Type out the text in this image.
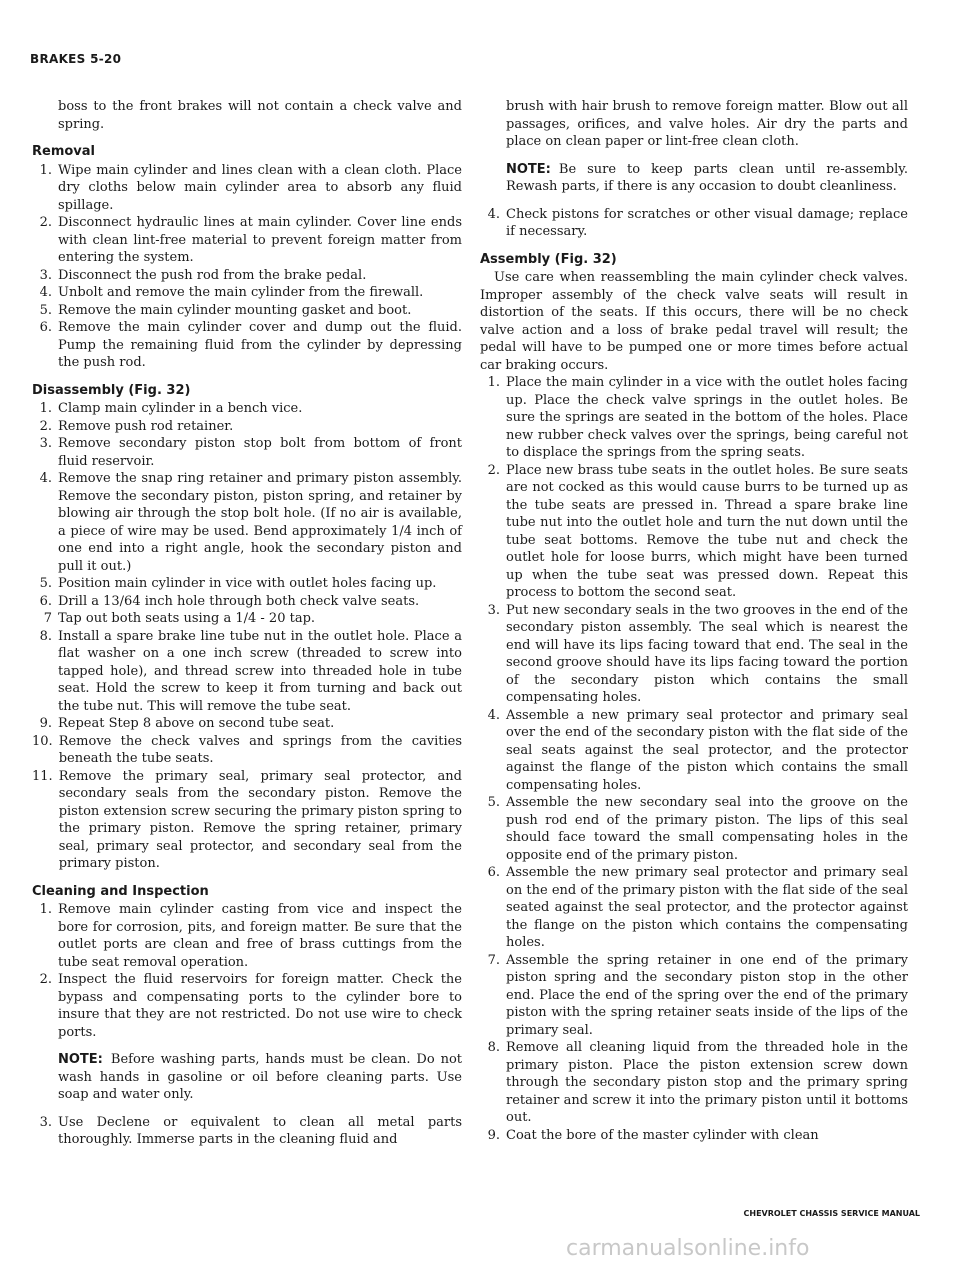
BRAKES 5-20

boss to the front brakes will not contain a check valve and spring.

Removal
1. Wipe main cylinder and lines clean with a clean cloth. Place dry cloths below main cylinder area to absorb any fluid spillage.
2. Disconnect hydraulic lines at main cylinder. Cover line ends with clean lint-free material to prevent foreign matter from entering the system.
3. Disconnect the push rod from the brake pedal.
4. Unbolt and remove the main cylinder from the firewall.
5. Remove the main cylinder mounting gasket and boot.
6. Remove the main cylinder cover and dump out the fluid. Pump the remaining fluid from the cylinder by depressing the push rod.
Disassembly (Fig. 32)
1. Clamp main cylinder in a bench vice.
2. Remove push rod retainer.
3. Remove secondary piston stop bolt from bottom of front fluid reservoir.
4. Remove the snap ring retainer and primary piston assembly. Remove the secondary piston, piston spring, and retainer by blowing air through the stop bolt hole. (If no air is available, a piece of wire may be used. Bend approximately 1/4 inch of one end into a right angle, hook the secondary piston and pull it out.)
5. Position main cylinder in vice with outlet holes facing up.
6. Drill a 13/64 inch hole through both check valve seats.
7 Tap out both seats using a 1/4 - 20 tap.
8. Install a spare brake line tube nut in the outlet hole. Place a flat washer on a one inch screw (threaded to screw into tapped hole), and thread screw into threaded hole in tube seat. Hold the screw to keep it from turning and back out the tube nut. This will remove the tube seat.
9. Repeat Step 8 above on second tube seat.
10. Remove the check valves and springs from the cavities beneath the tube seats.
11. Remove the primary seal, primary seal protector, and secondary seals from the secondary piston. Remove the piston extension screw securing the primary piston spring to the primary piston. Remove the spring retainer, primary seal, primary seal protector, and secondary seal from the primary piston.
Cleaning and Inspection
1. Remove main cylinder casting from vice and inspect the bore for corrosion, pits, and foreign matter. Be sure that the outlet ports are clean and free of brass cuttings from the tube seat removal operation.
2. Inspect the fluid reservoirs for foreign matter. Check the bypass and compensating ports to the cylinder bore to insure that they are not restricted. Do not use wire to check ports.
NOTE: Before washing parts, hands must be clean. Do not wash hands in gasoline or oil before cleaning parts. Use soap and water only.
3. Use Declene or equivalent to clean all metal parts thoroughly. Immerse parts in the cleaning fluid and

brush with hair brush to remove foreign matter. Blow out all passages, orifices, and valve holes. Air dry the parts and place on clean paper or lint-free clean cloth.

NOTE: Be sure to keep parts clean until re-assembly. Rewash parts, if there is any occasion to doubt cleanliness.
4. Check pistons for scratches or other visual damage; replace if necessary.
Assembly (Fig. 32)

Use care when reassembling the main cylinder check valves. Improper assembly of the check valve seats will result in distortion of the seats. If this occurs, there will be no check valve action and a loss of brake pedal travel will result; the pedal will have to be pumped one or more times before actual car braking occurs.

1. Place the main cylinder in a vice with the outlet holes facing up. Place the check valve springs in the outlet holes. Be sure the springs are seated in the bottom of the holes. Place new rubber check valves over the springs, being careful not to displace the springs from the spring seats.
2. Place new brass tube seats in the outlet holes. Be sure seats are not cocked as this would cause burrs to be turned up as the tube seats are pressed in. Thread a spare brake line tube nut into the outlet hole and turn the nut down until the tube seat bottoms. Remove the tube nut and check the outlet hole for loose burrs, which might have been turned up when the tube seat was pressed down. Repeat this process to bottom the second seat.
3. Put new secondary seals in the two grooves in the end of the secondary piston assembly. The seal which is nearest the end will have its lips facing toward that end. The seal in the second groove should have its lips facing toward the portion of the secondary piston which contains the small compensating holes.
4. Assemble a new primary seal protector and primary seal over the end of the secondary piston with the flat side of the seal seats against the seal protector, and the protector against the flange of the piston which contains the small compensating holes.
5. Assemble the new secondary seal into the groove on the push rod end of the primary piston. The lips of this seal should face toward the small compensating holes in the opposite end of the primary piston.
6. Assemble the new primary seal protector and primary seal on the end of the primary piston with the flat side of the seal seated against the seal protector, and the protector against the flange on the piston which contains the compensating holes.
7. Assemble the spring retainer in one end of the primary piston spring and the secondary piston stop in the other end. Place the end of the spring over the end of the primary piston with the spring retainer seats inside of the lips of the primary seal.
8. Remove all cleaning liquid from the threaded hole in the primary piston. Place the piston extension screw down through the secondary piston stop and the primary spring retainer and screw it into the primary piston until it bottoms out.
9. Coat the bore of the master cylinder with clean
CHEVROLET CHASSIS SERVICE MANUAL
carmanualsonline.info
